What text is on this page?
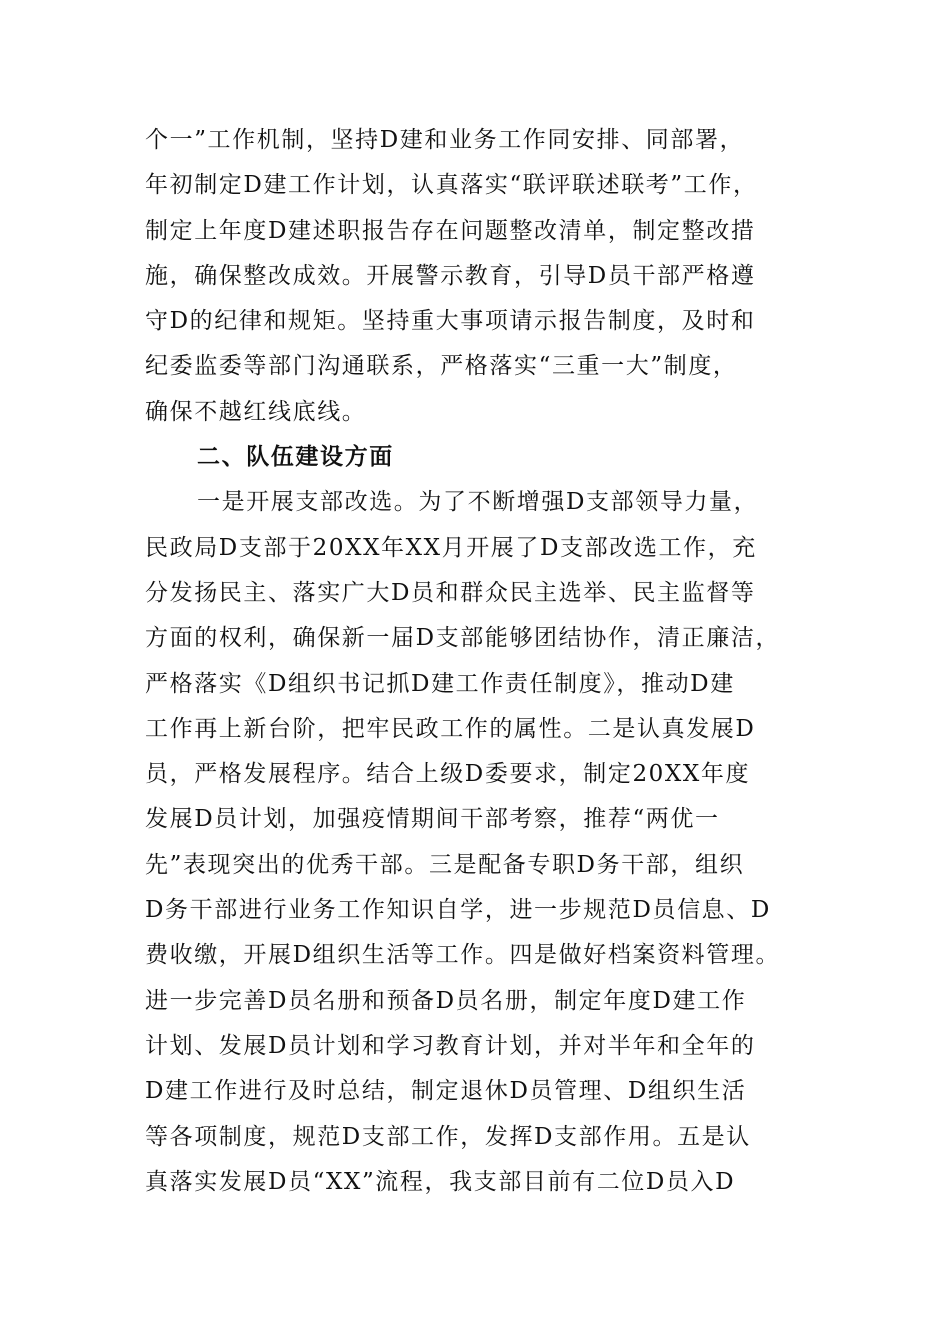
个一”工作机制，坚持D建和业务工作同安排、同部署，
年初制定D建工作计划，认真落实“联评联述联考”工作，
制定上年度D建述职报告存在问题整改清单，制定整改措
施，确保整改成效。开展警示教育，引导D员干部严格遵
守D的纪律和规矩。坚持重大事项请示报告制度，及时和
纪委监委等部门沟通联系，严格落实“三重一大”制度，
确保不越红线底线。
二、队伍建设方面
一是开展支部改选。为了不断增强D支部领导力量，
民政局D支部于20XX年XX月开展了D支部改选工作，充
分发扬民主、落实广大D员和群众民主选举、民主监督等
方面的权利，确保新一届D支部能够团结协作，清正廉洁，
严格落实《D组织书记抓D建工作责任制度》，推动D建
工作再上新台阶，把牢民政工作的属性。二是认真发展D
员，严格发展程序。结合上级D委要求，制定20XX年度
发展D员计划，加强疫情期间干部考察，推荐“两优一
先”表现突出的优秀干部。三是配备专职D务干部，组织
D务干部进行业务工作知识自学，进一步规范D员信息、D
费收缴，开展D组织生活等工作。四是做好档案资料管理。
进一步完善D员名册和预备D员名册，制定年度D建工作
计划、发展D员计划和学习教育计划，并对半年和全年的
D建工作进行及时总结，制定退休D员管理、D组织生活
等各项制度，规范D支部工作，发挥D支部作用。五是认
真落实发展D员“XX”流程，我支部目前有二位D员入D
